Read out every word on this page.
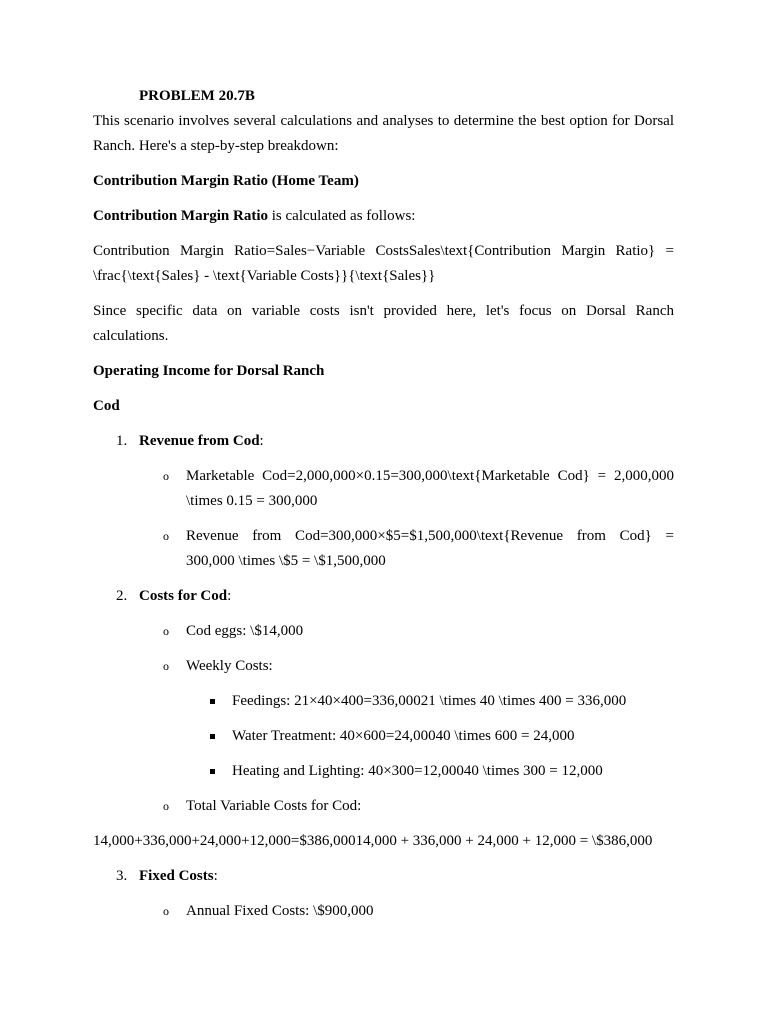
PROBLEM 20.7B

This scenario involves several calculations and analyses to determine the best option for Dorsal Ranch. Here's a step-by-step breakdown:

Contribution Margin Ratio (Home Team)

Contribution Margin Ratio is calculated as follows:

Contribution Margin Ratio=Sales−Variable CostsSales\text{Contribution Margin Ratio} = \frac{\text{Sales} - \text{Variable Costs}}{\text{Sales}}

Since specific data on variable costs isn't provided here, let's focus on Dorsal Ranch calculations.

Operating Income for Dorsal Ranch

Cod

1. Revenue from Cod:

o Marketable Cod=2,000,000×0.15=300,000\text{Marketable Cod} = 2,000,000 \times 0.15 = 300,000

o Revenue from Cod=300,000×$5=$1,500,000\text{Revenue from Cod} = 300,000 \times \$5 = \$1,500,000

2. Costs for Cod:

o Cod eggs: \$14,000

o Weekly Costs:

Feedings: 21×40×400=336,00021 \times 40 \times 400 = 336,000

Water Treatment: 40×600=24,00040 \times 600 = 24,000

Heating and Lighting: 40×300=12,00040 \times 300 = 12,000

o Total Variable Costs for Cod:

14,000+336,000+24,000+12,000=$386,00014,000 + 336,000 + 24,000 + 12,000 = \$386,000

3. Fixed Costs:

o Annual Fixed Costs: \$900,000
